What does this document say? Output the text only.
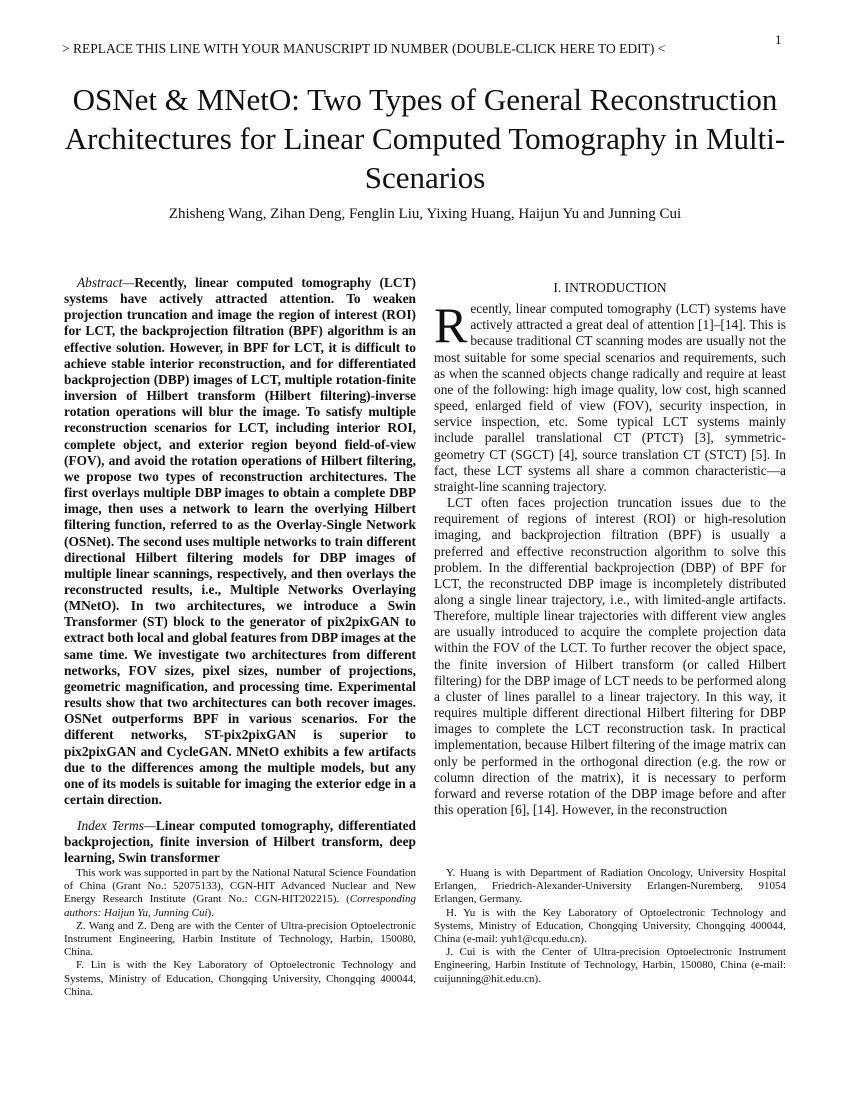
> REPLACE THIS LINE WITH YOUR MANUSCRIPT ID NUMBER (DOUBLE-CLICK HERE TO EDIT) <
1
OSNet & MNetO: Two Types of General Reconstruction Architectures for Linear Computed Tomography in Multi-Scenarios
Zhisheng Wang, Zihan Deng, Fenglin Liu, Yixing Huang, Haijun Yu and Junning Cui

Abstract—Recently, linear computed tomography (LCT) systems have actively attracted attention. To weaken projection truncation and image the region of interest (ROI) for LCT, the backprojection filtration (BPF) algorithm is an effective solution. However, in BPF for LCT, it is difficult to achieve stable interior reconstruction, and for differentiated backprojection (DBP) images of LCT, multiple rotation-finite inversion of Hilbert transform (Hilbert filtering)-inverse rotation operations will blur the image. To satisfy multiple reconstruction scenarios for LCT, including interior ROI, complete object, and exterior region beyond field-of-view (FOV), and avoid the rotation operations of Hilbert filtering, we propose two types of reconstruction architectures. The first overlays multiple DBP images to obtain a complete DBP image, then uses a network to learn the overlying Hilbert filtering function, referred to as the Overlay-Single Network (OSNet). The second uses multiple networks to train different directional Hilbert filtering models for DBP images of multiple linear scannings, respectively, and then overlays the reconstructed results, i.e., Multiple Networks Overlaying (MNetO). In two architectures, we introduce a Swin Transformer (ST) block to the generator of pix2pixGAN to extract both local and global features from DBP images at the same time. We investigate two architectures from different networks, FOV sizes, pixel sizes, number of projections, geometric magnification, and processing time. Experimental results show that two architectures can both recover images. OSNet outperforms BPF in various scenarios. For the different networks, ST-pix2pixGAN is superior to pix2pixGAN and CycleGAN. MNetO exhibits a few artifacts due to the differences among the multiple models, but any one of its models is suitable for imaging the exterior edge in a certain direction.

Index Terms—Linear computed tomography, differentiated backprojection, finite inversion of Hilbert transform, deep learning, Swin transformer

I. INTRODUCTION

Recently, linear computed tomography (LCT) systems have actively attracted a great deal of attention [1]–[14]. This is because traditional CT scanning modes are usually not the most suitable for some special scenarios and requirements, such as when the scanned objects change radically and require at least one of the following: high image quality, low cost, high scanned speed, enlarged field of view (FOV), security inspection, in service inspection, etc. Some typical LCT systems mainly include parallel translational CT (PTCT) [3], symmetric-geometry CT (SGCT) [4], source translation CT (STCT) [5]. In fact, these LCT systems all share a common characteristic—a straight-line scanning trajectory.

LCT often faces projection truncation issues due to the requirement of regions of interest (ROI) or high-resolution imaging, and backprojection filtration (BPF) is usually a preferred and effective reconstruction algorithm to solve this problem. In the differential backprojection (DBP) of BPF for LCT, the reconstructed DBP image is incompletely distributed along a single linear trajectory, i.e., with limited-angle artifacts. Therefore, multiple linear trajectories with different view angles are usually introduced to acquire the complete projection data within the FOV of the LCT. To further recover the object space, the finite inversion of Hilbert transform (or called Hilbert filtering) for the DBP image of LCT needs to be performed along a cluster of lines parallel to a linear trajectory. In this way, it requires multiple different directional Hilbert filtering for DBP images to complete the LCT reconstruction task. In practical implementation, because Hilbert filtering of the image matrix can only be performed in the orthogonal direction (e.g. the row or column direction of the matrix), it is necessary to perform forward and reverse rotation of the DBP image before and after this operation [6], [14]. However, in the reconstruction

This work was supported in part by the National Natural Science Foundation of China (Grant No.: 52075133), CGN-HIT Advanced Nuclear and New Energy Research Institute (Grant No.: CGN-HIT202215). (Corresponding authors: Haijun Yu, Junning Cui).

Z. Wang and Z. Deng are with the Center of Ultra-precision Optoelectronic Instrument Engineering, Harbin Institute of Technology, Harbin, 150080, China.

F. Lin is with the Key Laboratory of Optoelectronic Technology and Systems, Ministry of Education, Chongqing University, Chongqing 400044, China.

Y. Huang is with Department of Radiation Oncology, University Hospital Erlangen, Friedrich-Alexander-University Erlangen-Nuremberg, 91054 Erlangen, Germany.

H. Yu is with the Key Laboratory of Optoelectronic Technology and Systems, Ministry of Education, Chongqing University, Chongqing 400044, China (e-mail: yuh1@cqu.edu.cn).

J. Cui is with the Center of Ultra-precision Optoelectronic Instrument Engineering, Harbin Institute of Technology, Harbin, 150080, China (e-mail: cuijunning@hit.edu.cn).
